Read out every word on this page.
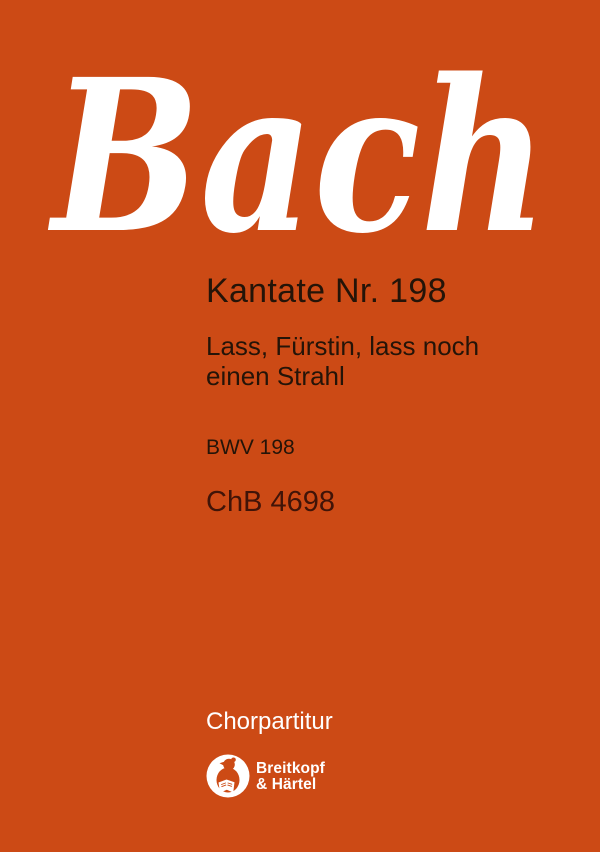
Bach
Kantate Nr. 198
Lass, Fürstin, lass noch
einen Strahl
BWV 198
ChB 4698
Chorpartitur
Breitkopf
& Härtel
